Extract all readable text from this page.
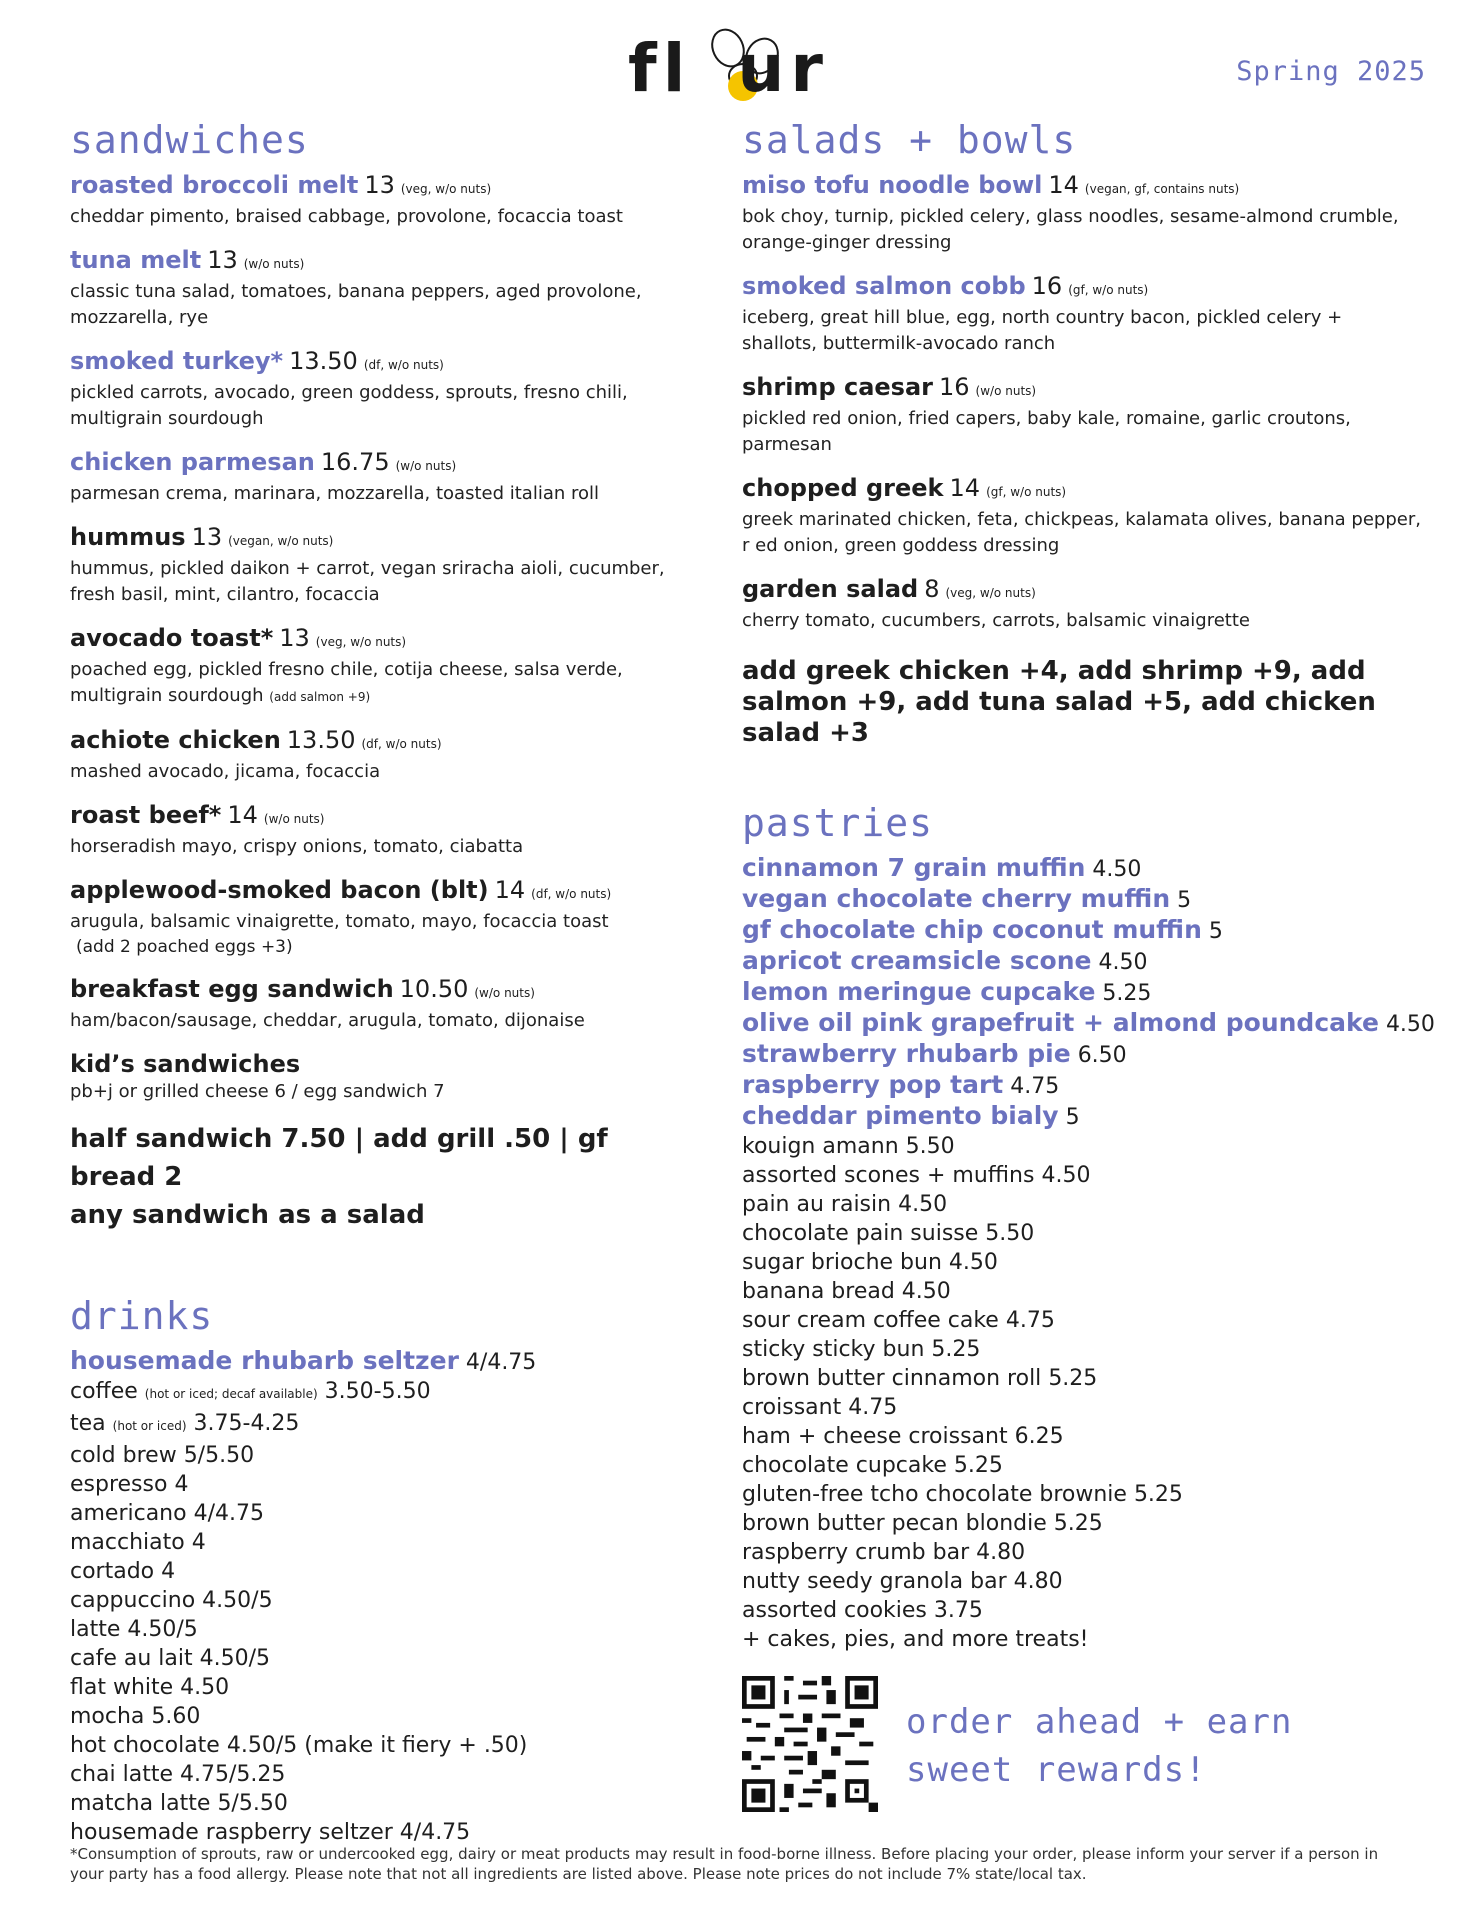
fl ur	Spring 2025
sandwiches
roasted broccoli melt 13 (veg, w/o nuts)
cheddar pimento, braised cabbage, provolone, focaccia toast
tuna melt 13 (w/o nuts)
classic tuna salad, tomatoes, banana peppers, aged provolone, mozzarella, rye
smoked turkey* 13.50 (df, w/o nuts)
pickled carrots, avocado, green goddess, sprouts, fresno chili, multigrain sourdough
chicken parmesan 16.75 (w/o nuts)
parmesan crema, marinara, mozzarella, toasted italian roll
hummus 13 (vegan, w/o nuts)
hummus, pickled daikon + carrot, vegan sriracha aioli, cucumber, fresh basil, mint, cilantro, focaccia
avocado toast* 13 (veg, w/o nuts)
poached egg, pickled fresno chile, cotija cheese, salsa verde, multigrain sourdough (add salmon +9)
achiote chicken 13.50 (df, w/o nuts)
mashed avocado, jicama, focaccia
roast beef* 14 (w/o nuts)
horseradish mayo, crispy onions, tomato, ciabatta
applewood-smoked bacon (blt) 14 (df, w/o nuts)
arugula, balsamic vinaigrette, tomato, mayo, focaccia toast
(add 2 poached eggs +3)
breakfast egg sandwich 10.50 (w/o nuts)
ham/bacon/sausage, cheddar, arugula, tomato, dijonaise
kid’s sandwiches
pb+j or grilled cheese 6 / egg sandwich 7
half sandwich 7.50 | add grill .50 | gf bread 2
any sandwich as a salad
drinks
housemade rhubarb seltzer 4/4.75
coffee (hot or iced; decaf available) 3.50-5.50
tea (hot or iced) 3.75-4.25
cold brew 5/5.50
espresso 4
americano 4/4.75
macchiato 4
cortado 4
cappuccino 4.50/5
latte 4.50/5
cafe au lait 4.50/5
flat white 4.50
mocha 5.60
hot chocolate 4.50/5 (make it fiery + .50)
chai latte 4.75/5.25
matcha latte 5/5.50
housemade raspberry seltzer 4/4.75
salads + bowls
miso tofu noodle bowl 14 (vegan, gf, contains nuts)
bok choy, turnip, pickled celery, glass noodles, sesame-almond crumble, orange-ginger dressing
smoked salmon cobb 16 (gf, w/o nuts)
iceberg, great hill blue, egg, north country bacon, pickled celery + shallots, buttermilk-avocado ranch
shrimp caesar 16 (w/o nuts)
pickled red onion, fried capers, baby kale, romaine, garlic croutons, parmesan
chopped greek 14 (gf, w/o nuts)
greek marinated chicken, feta, chickpeas, kalamata olives, banana pepper, r ed onion, green goddess dressing
garden salad 8 (veg, w/o nuts)
cherry tomato, cucumbers, carrots, balsamic vinaigrette
add greek chicken +4, add shrimp +9, add salmon +9, add tuna salad +5, add chicken salad +3
pastries
cinnamon 7 grain muffin 4.50
vegan chocolate cherry muffin 5
gf chocolate chip coconut muffin 5
apricot creamsicle scone 4.50
lemon meringue cupcake 5.25
olive oil pink grapefruit + almond poundcake 4.50
strawberry rhubarb pie 6.50
raspberry pop tart 4.75
cheddar pimento bialy 5
kouign amann 5.50
assorted scones + muffins 4.50
pain au raisin 4.50
chocolate pain suisse 5.50
sugar brioche bun 4.50
banana bread 4.50
sour cream coffee cake 4.75
sticky sticky bun 5.25
brown butter cinnamon roll 5.25
croissant 4.75
ham + cheese croissant 6.25
chocolate cupcake 5.25
gluten-free tcho chocolate brownie 5.25
brown butter pecan blondie 5.25
raspberry crumb bar 4.80
nutty seedy granola bar 4.80
assorted cookies 3.75
+ cakes, pies, and more treats!
order ahead + earn
sweet rewards!
*Consumption of sprouts, raw or undercooked egg, dairy or meat products may result in food-borne illness. Before placing your order, please inform your server if a person in your party has a food allergy. Please note that not all ingredients are listed above. Please note prices do not include 7% state/local tax.
